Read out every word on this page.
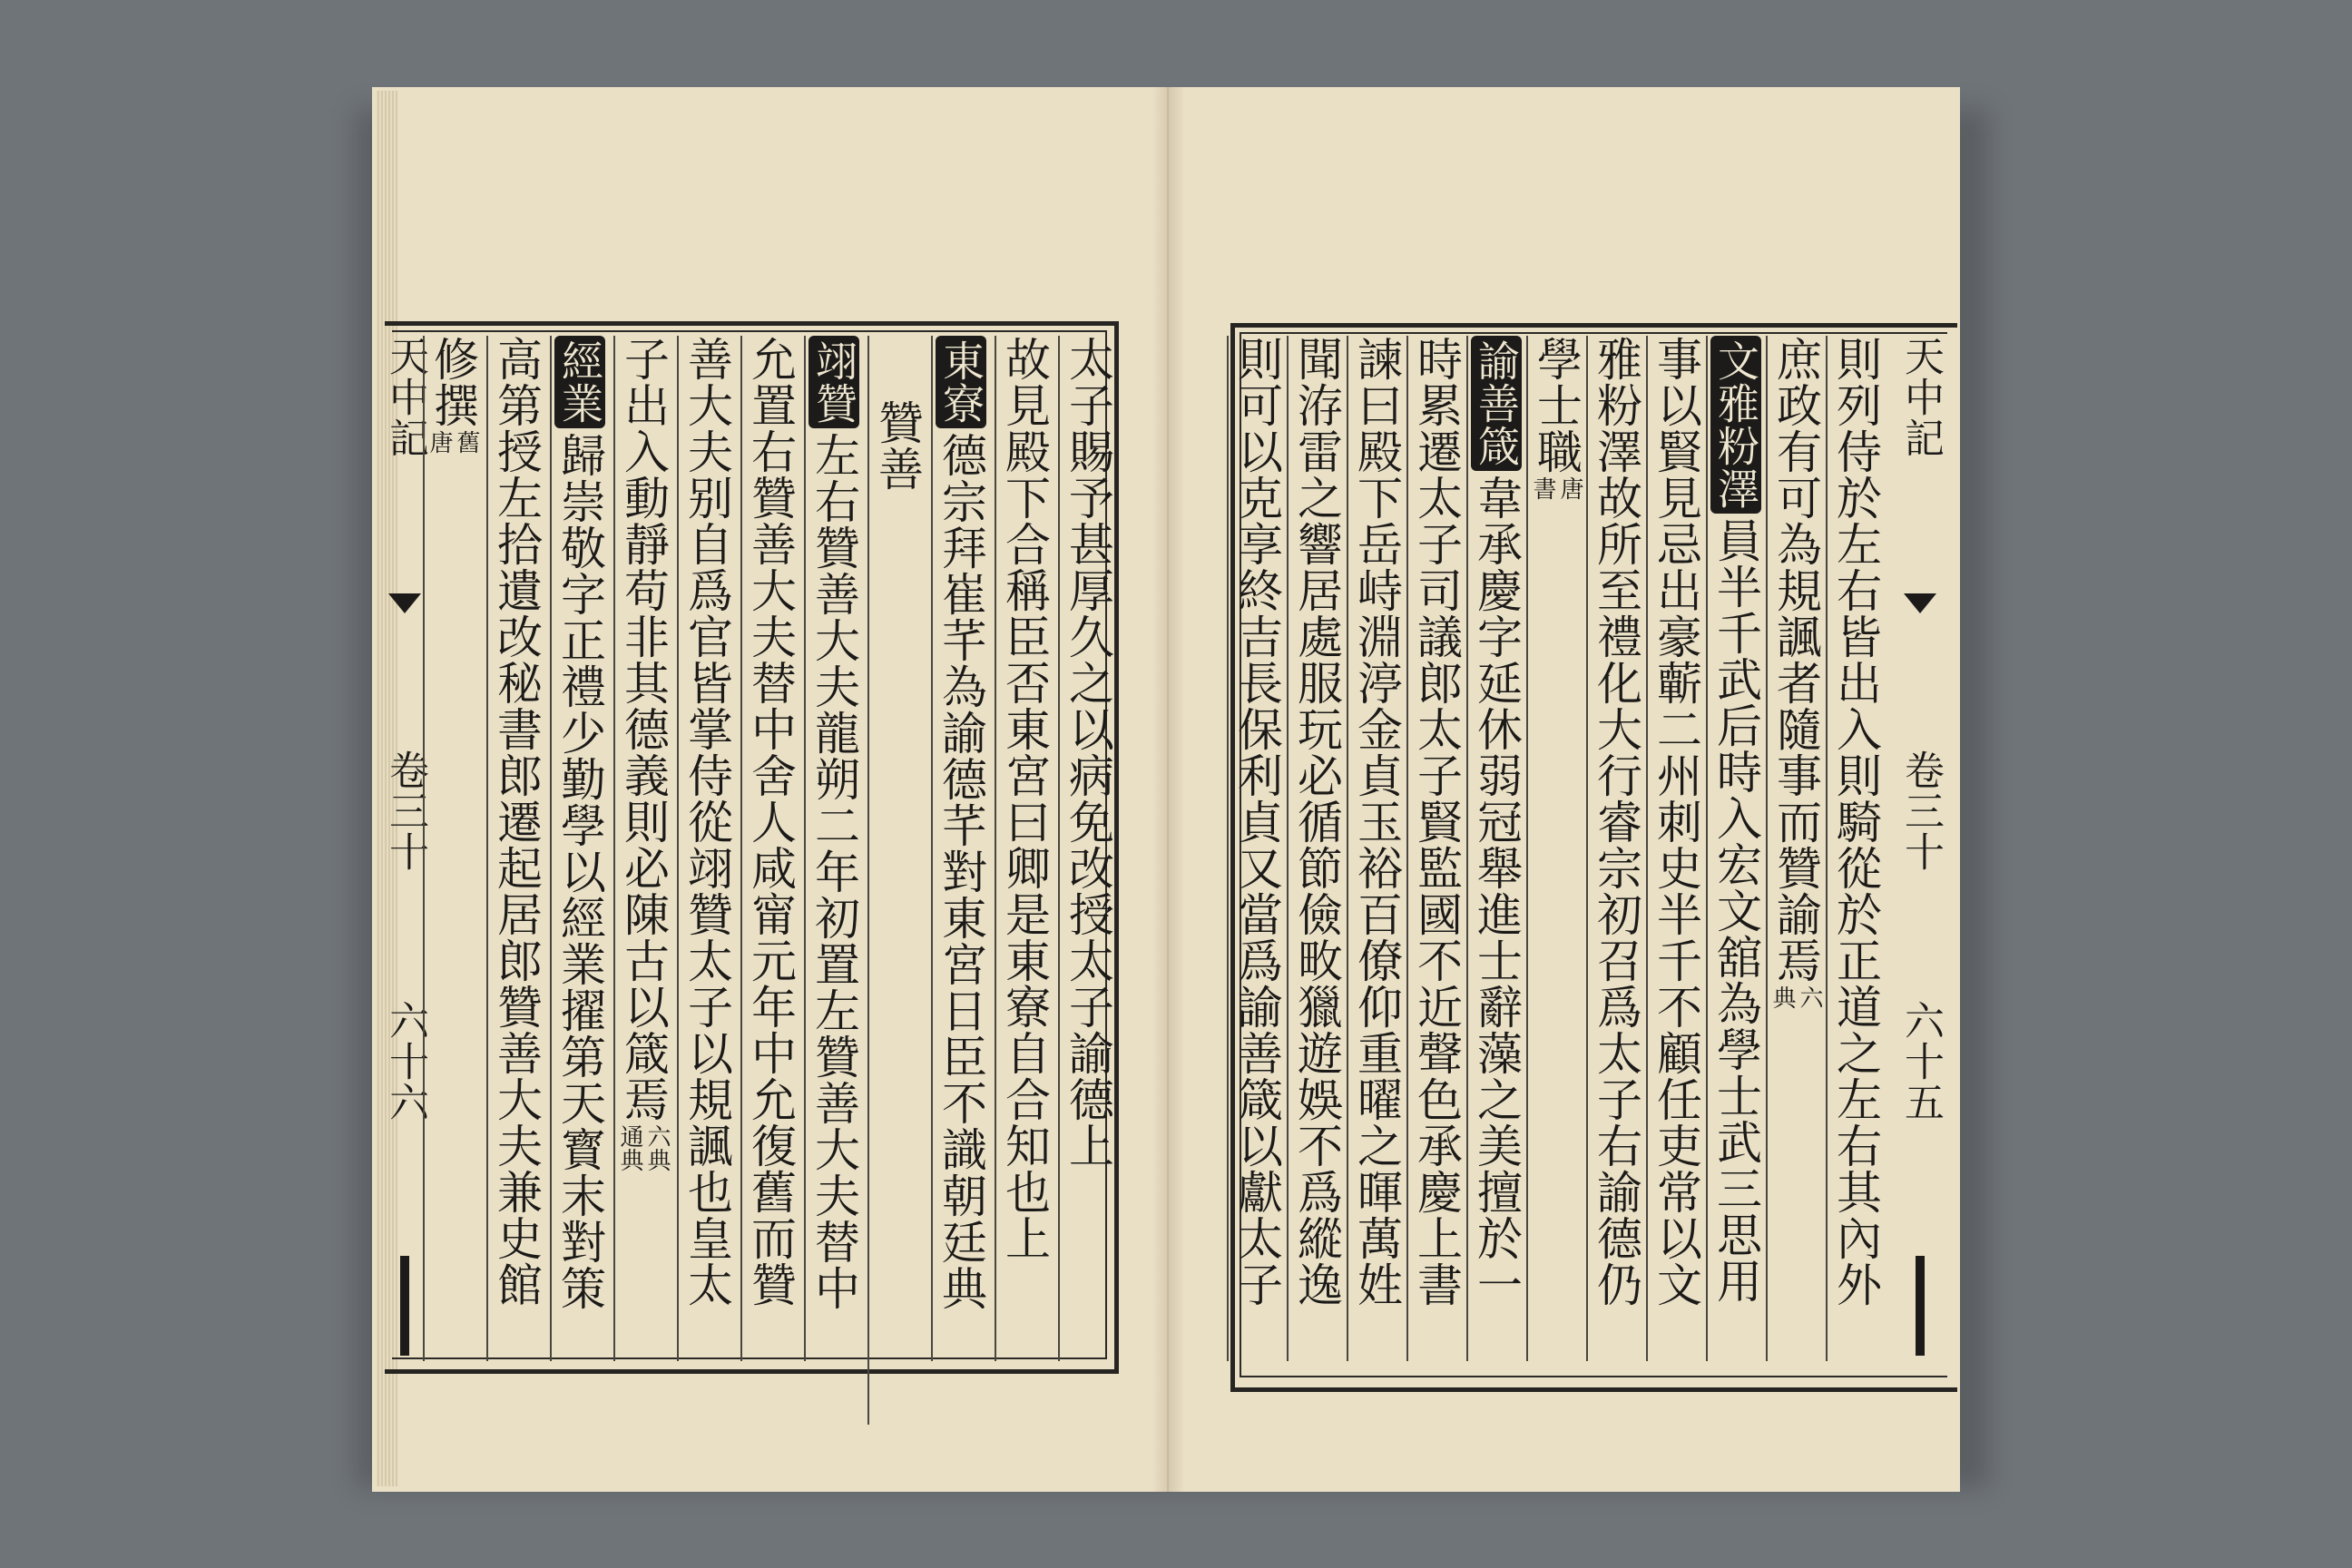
天中記
卷三十
六十六	太子賜予甚厚久之以病免改授太子諭德上
故見殿下合稱臣否東宮曰卿是東寮自合知也上
東寮
德宗拜崔芊為諭德芊對東宮日臣不識朝廷典
贊善
翊贊
左右贊善大夫龍朔二年初置左贊善大夫替中
允置右贊善大夫替中舍人咸甯元年中允復舊而贊
善大夫别自爲官皆掌侍從翊贊太子以規諷也皇太
子出入動靜苟非其德義則必陳古以箴焉
六典
通典
經業
歸崇敬字正禮少勤學以經業擢第天寳末對策
高第授左拾遺改秘書郎遷起居郎贊善大夫兼史館
修撰
舊
唐	天中記
卷三十
六十五
則列侍於左右皆出入則騎從於正道之左右其內外
庶政有可為規諷者隨事而贊諭焉
六
典
文雅粉澤
員半千武后時入宏文舘為學士武三思用
事以賢見忌出豪蘄二州刺史半千不顧任吏常以文
雅粉澤故所至禮化大行睿宗初召爲太子右諭德仍
學士職
唐
書
諭善箴
韋承慶字延休弱冠舉進士辭藻之美擅於一
時累遷太子司議郎太子賢監國不近聲色承慶上書
諫曰殿下岳峙淵渟金貞玉裕百僚仰重曜之暉萬姓
聞洊雷之響居處服玩必循節儉畋獵遊娛不爲縱逸
則可以克享終吉長保利貞又當爲諭善箴以獻太子
